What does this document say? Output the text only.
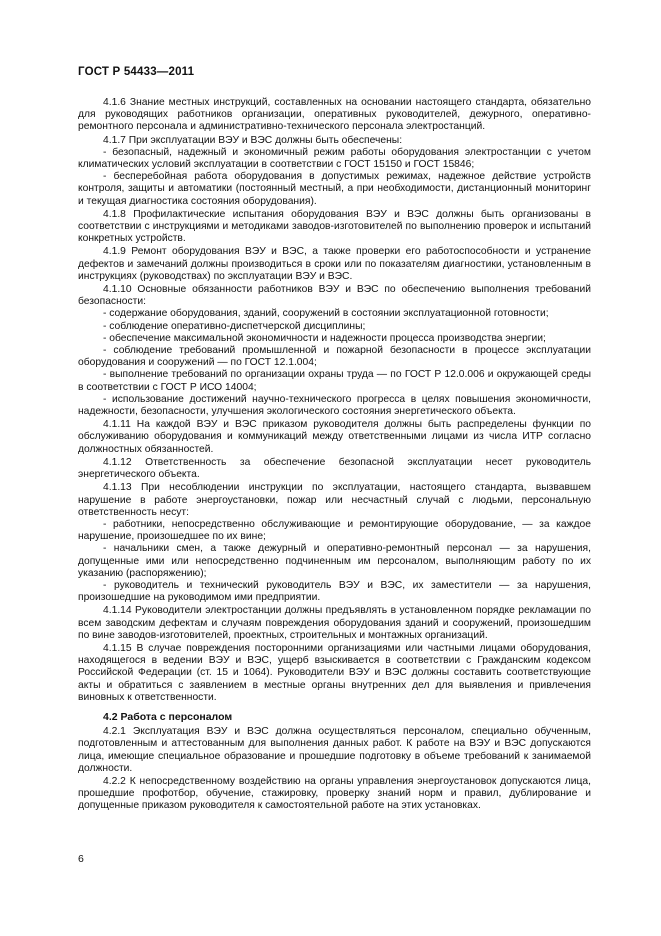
ГОСТ Р 54433—2011

4.1.6 Знание местных инструкций, составленных на основании настоящего стандарта, обязательно для руководящих работников организации, оперативных руководителей, дежурного, оперативно-ремонтного персонала и административно-технического персонала электростанций.

4.1.7 При эксплуатации ВЭУ и ВЭС должны быть обеспечены:

- безопасный, надежный и экономичный режим работы оборудования электростанции с учетом климатических условий эксплуатации в соответствии с ГОСТ 15150 и ГОСТ 15846;

- бесперебойная работа оборудования в допустимых режимах, надежное действие устройств контроля, защиты и автоматики (постоянный местный, а при необходимости, дистанционный мониторинг и текущая диагностика состояния оборудования).

4.1.8 Профилактические испытания оборудования ВЭУ и ВЭС должны быть организованы в соответствии с инструкциями и методиками заводов-изготовителей по выполнению проверок и испытаний конкретных устройств.

4.1.9 Ремонт оборудования ВЭУ и ВЭС, а также проверки его работоспособности и устранение дефектов и замечаний должны производиться в сроки или по показателям диагностики, установленным в инструкциях (руководствах) по эксплуатации ВЭУ и ВЭС.

4.1.10 Основные обязанности работников ВЭУ и ВЭС по обеспечению выполнения требований безопасности:

- содержание оборудования, зданий, сооружений в состоянии эксплуатационной готовности;

- соблюдение оперативно-диспетчерской дисциплины;

- обеспечение максимальной экономичности и надежности процесса производства энергии;

- соблюдение требований промышленной и пожарной безопасности в процессе эксплуатации оборудования и сооружений — по ГОСТ 12.1.004;

- выполнение требований по организации охраны труда — по ГОСТ Р 12.0.006 и окружающей среды в соответствии с ГОСТ Р ИСО 14004;

- использование достижений научно-технического прогресса в целях повышения экономичности, надежности, безопасности, улучшения экологического состояния энергетического объекта.

4.1.11 На каждой ВЭУ и ВЭС приказом руководителя должны быть распределены функции по обслуживанию оборудования и коммуникаций между ответственными лицами из числа ИТР согласно должностных обязанностей.

4.1.12 Ответственность за обеспечение безопасной эксплуатации несет руководитель энергетического объекта.

4.1.13 При несоблюдении инструкции по эксплуатации, настоящего стандарта, вызвавшем нарушение в работе энергоустановки, пожар или несчастный случай с людьми, персональную ответственность несут:

- работники, непосредственно обслуживающие и ремонтирующие оборудование, — за каждое нарушение, произошедшее по их вине;

- начальники смен, а также дежурный и оперативно-ремонтный персонал — за нарушения, допущенные ими или непосредственно подчиненным им персоналом, выполняющим работу по их указанию (распоряжению);

- руководитель и технический руководитель ВЭУ и ВЭС, их заместители — за нарушения, произошедшие на руководимом ими предприятии.

4.1.14 Руководители электростанции должны предъявлять в установленном порядке рекламации по всем заводским дефектам и случаям повреждения оборудования зданий и сооружений, произошедшим по вине заводов-изготовителей, проектных, строительных и монтажных организаций.

4.1.15 В случае повреждения посторонними организациями или частными лицами оборудования, находящегося в ведении ВЭУ и ВЭС, ущерб взыскивается в соответствии с Гражданским кодексом Российской Федерации (ст. 15 и 1064). Руководители ВЭУ и ВЭС должны составить соответствующие акты и обратиться с заявлением в местные органы внутренних дел для выявления и привлечения виновных к ответственности.

4.2 Работа с персоналом

4.2.1 Эксплуатация ВЭУ и ВЭС должна осуществляться персоналом, специально обученным, подготовленным и аттестованным для выполнения данных работ. К работе на ВЭУ и ВЭС допускаются лица, имеющие специальное образование и прошедшие подготовку в объеме требований к занимаемой должности.

4.2.2 К непосредственному воздействию на органы управления энергоустановок допускаются лица, прошедшие профотбор, обучение, стажировку, проверку знаний норм и правил, дублирование и допущенные приказом руководителя к самостоятельной работе на этих установках.

6
